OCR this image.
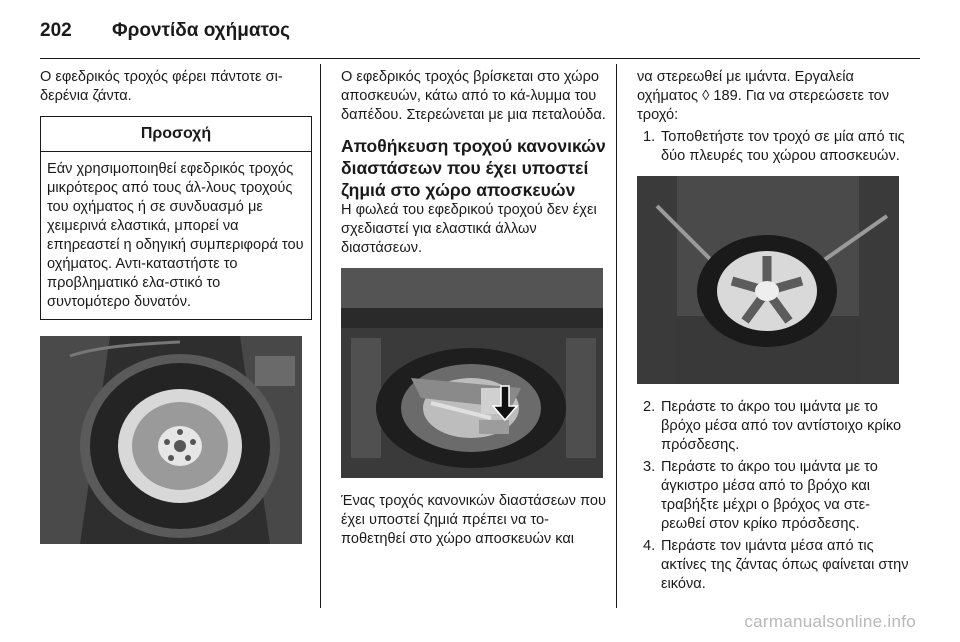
202 Φροντίδα οχήματος

Ο εφεδρικός τροχός φέρει πάντοτε σι-δερένια ζάντα.

Προσοχή
Εάν χρησιμοποιηθεί εφεδρικός τροχός μικρότερος από τους άλ-λους τροχούς του οχήματος ή σε συνδυασμό με χειμερινά ελαστικά, μπορεί να επηρεαστεί η οδηγική συμπεριφορά του οχήματος. Αντι-καταστήστε το προβληματικό ελα-στικό το συντομότερο δυνατόν.

Ο εφεδρικός τροχός βρίσκεται στο χώρο αποσκευών, κάτω από το κά-λυμμα του δαπέδου. Στερεώνεται με μια πεταλούδα.

Αποθήκευση τροχού κανονικών διαστάσεων που έχει υποστεί ζημιά στο χώρο αποσκευών

Η φωλεά του εφεδρικού τροχού δεν έχει σχεδιαστεί για ελαστικά άλλων διαστάσεων.

Ένας τροχός κανονικών διαστάσεων που έχει υποστεί ζημιά πρέπει να το-ποθετηθεί στο χώρο αποσκευών και

να στερεωθεί με ιμάντα. Εργαλεία οχήματος ◊ 189. Για να στερεώσετε τον τροχό:

1. Τοποθετήστε τον τροχό σε μία από τις δύο πλευρές του χώρου αποσκευών.
2. Περάστε το άκρο του ιμάντα με το βρόχο μέσα από τον αντίστοιχο κρίκο πρόσδεσης.
3. Περάστε το άκρο του ιμάντα με το άγκιστρο μέσα από το βρόχο και τραβήξτε μέχρι ο βρόχος να στε-ρεωθεί στον κρίκο πρόσδεσης.
4. Περάστε τον ιμάντα μέσα από τις ακτίνες της ζάντας όπως φαίνεται στην εικόνα.
carmanualsonline.info
